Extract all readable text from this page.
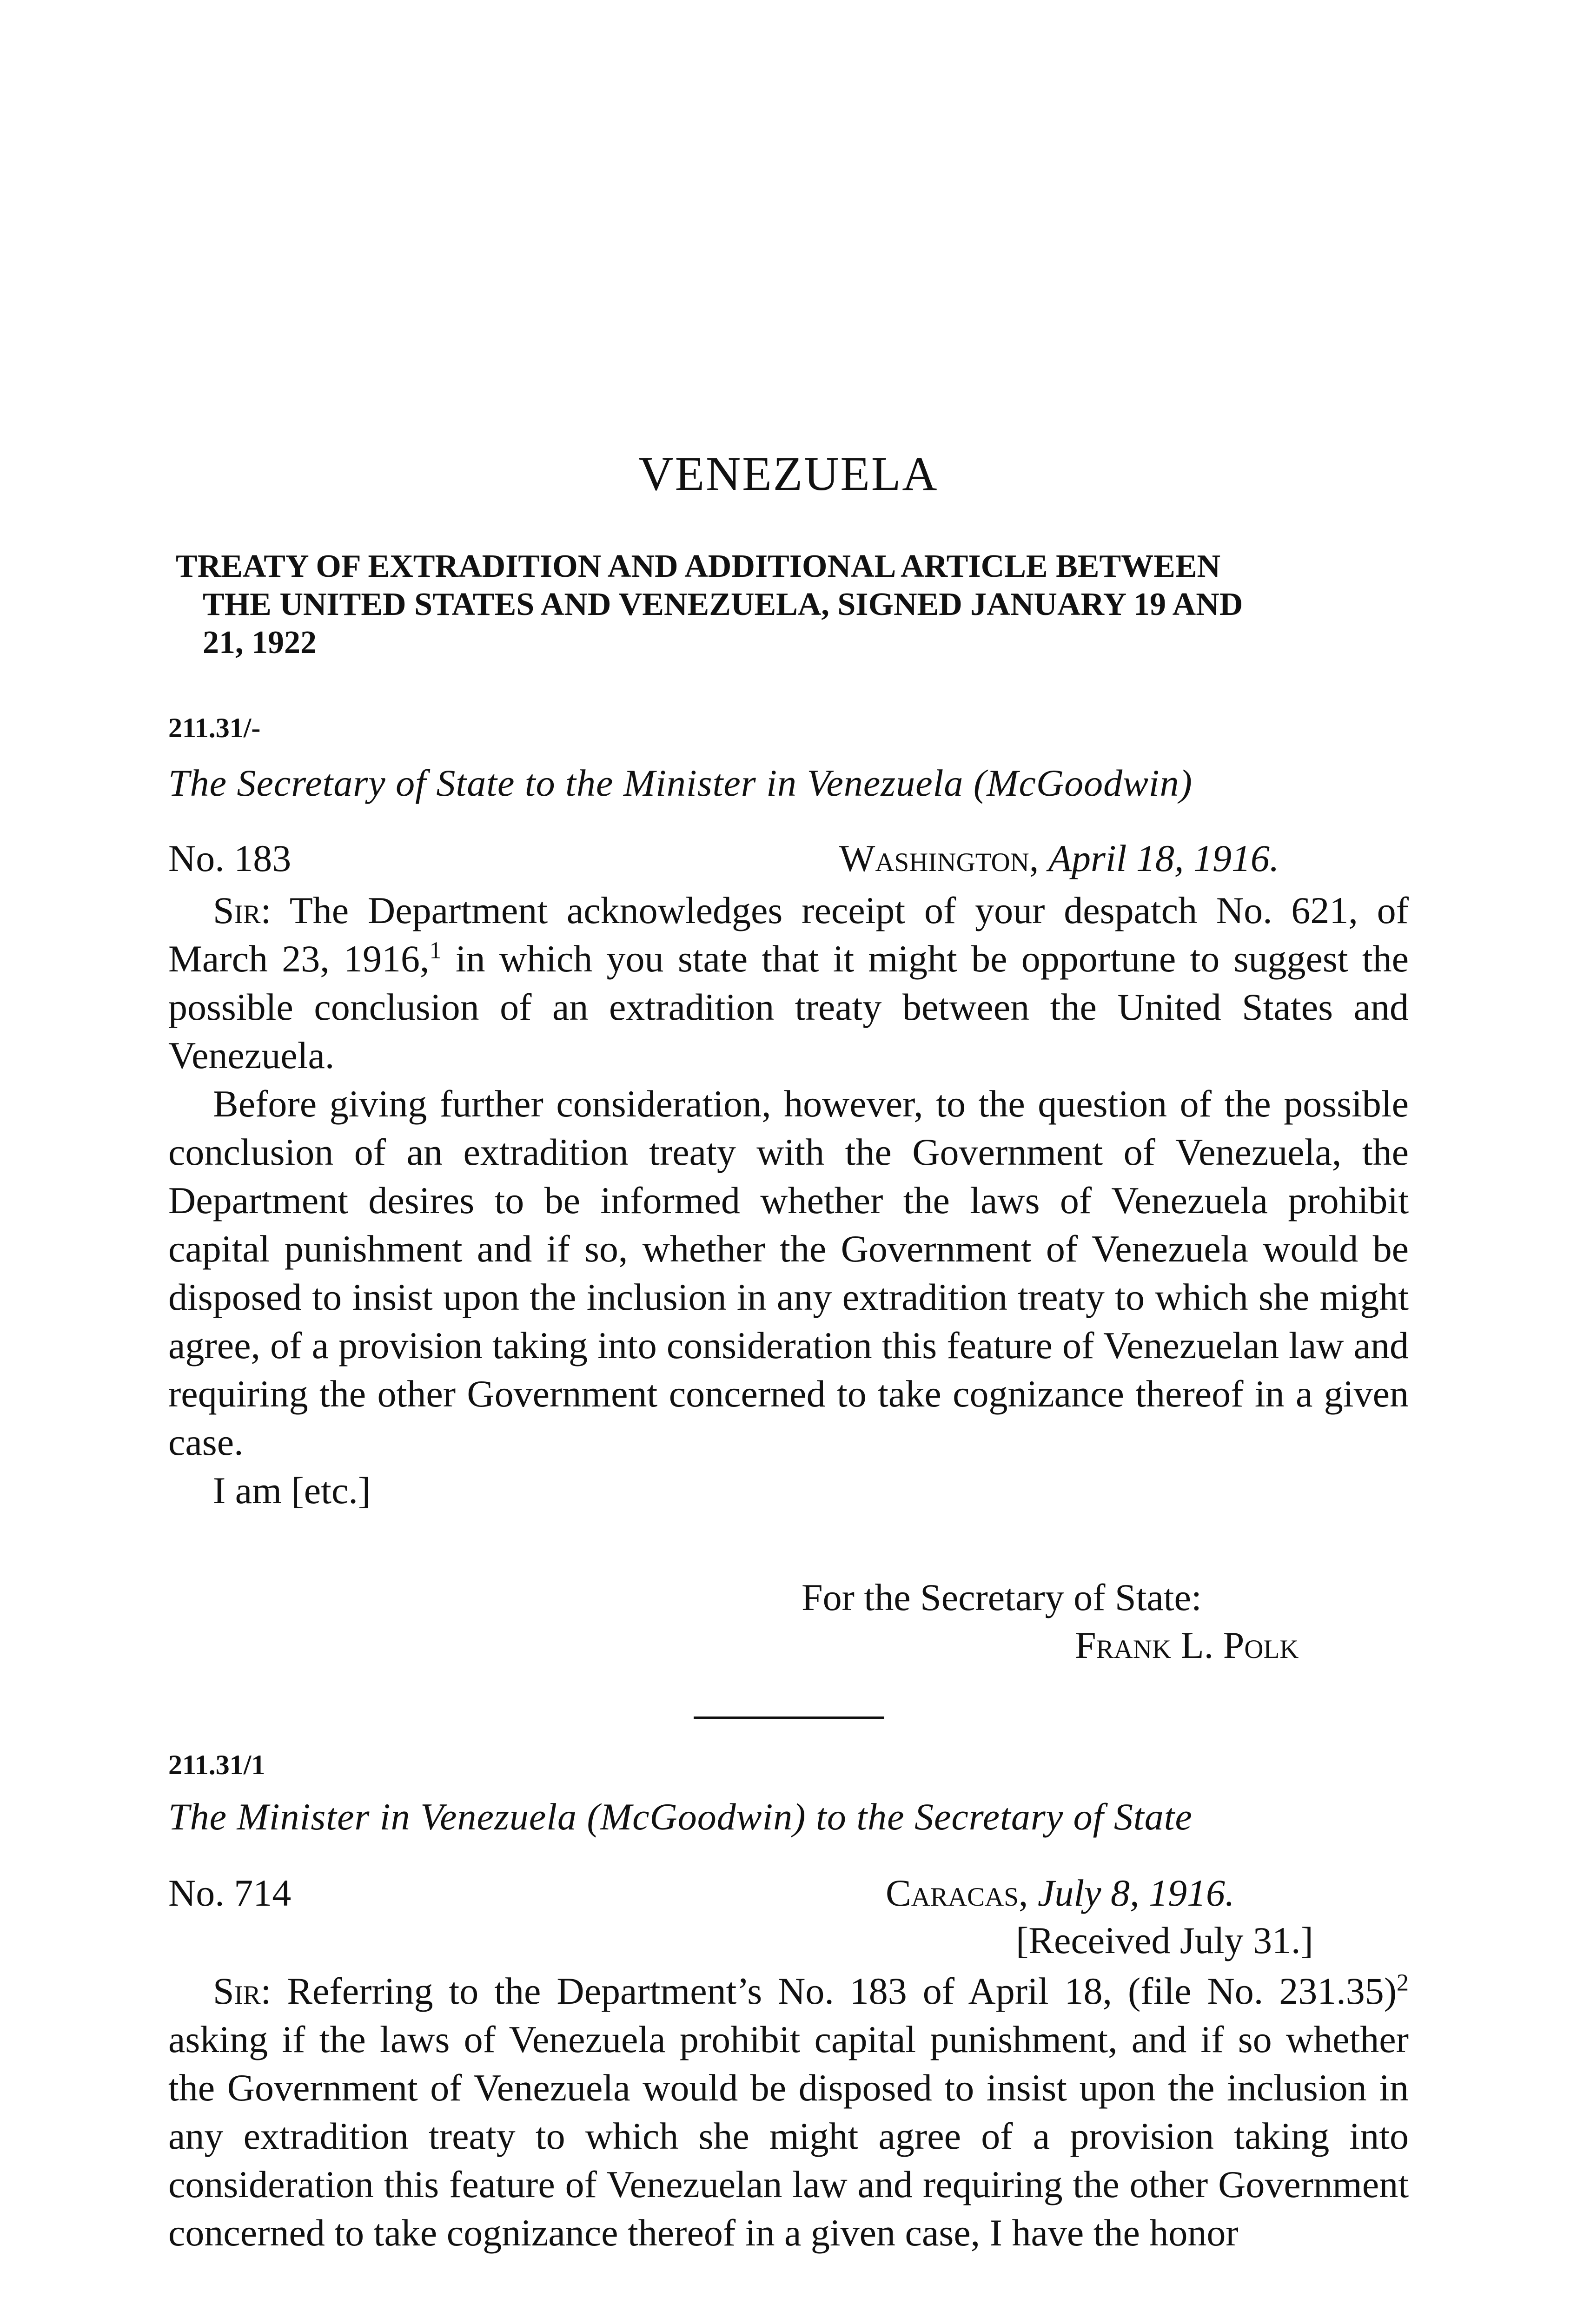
VENEZUELA
TREATY OF EXTRADITION AND ADDITIONAL ARTICLE BETWEEN
THE UNITED STATES AND VENEZUELA, SIGNED JANUARY 19 AND
21, 1922
211.31/-
The Secretary of State to the Minister in Venezuela (McGoodwin)
No. 183	Washington, April 18, 1916.

Sir: The Department acknowledges receipt of your despatch No. 621, of March 23, 1916,$^1$ in which you state that it might be opportune to suggest the possible conclusion of an extradition treaty between the United States and Venezuela.

Before giving further consideration, however, to the question of the possible conclusion of an extradition treaty with the Government of Venezuela, the Department desires to be informed whether the laws of Venezuela prohibit capital punishment and if so, whether the Government of Venezuela would be disposed to insist upon the inclusion in any extradition treaty to which she might agree, of a provision taking into consideration this feature of Venezuelan law and requiring the other Government concerned to take cognizance thereof in a given case.

I am [etc.]

For the Secretary of State:
Frank L. Polk
211.31/1
The Minister in Venezuela (McGoodwin) to the Secretary of State
No. 714	Caracas, July 8, 1916.
[Received July 31.]

Sir: Referring to the Department’s No. 183 of April 18, (file No. 231.35)$^2$ asking if the laws of Venezuela prohibit capital punishment, and if so whether the Government of Venezuela would be disposed to insist upon the inclusion in any extradition treaty to which she might agree of a provision taking into consideration this feature of Venezuelan law and requiring the other Government concerned to take cognizance thereof in a given case, I have the honor
